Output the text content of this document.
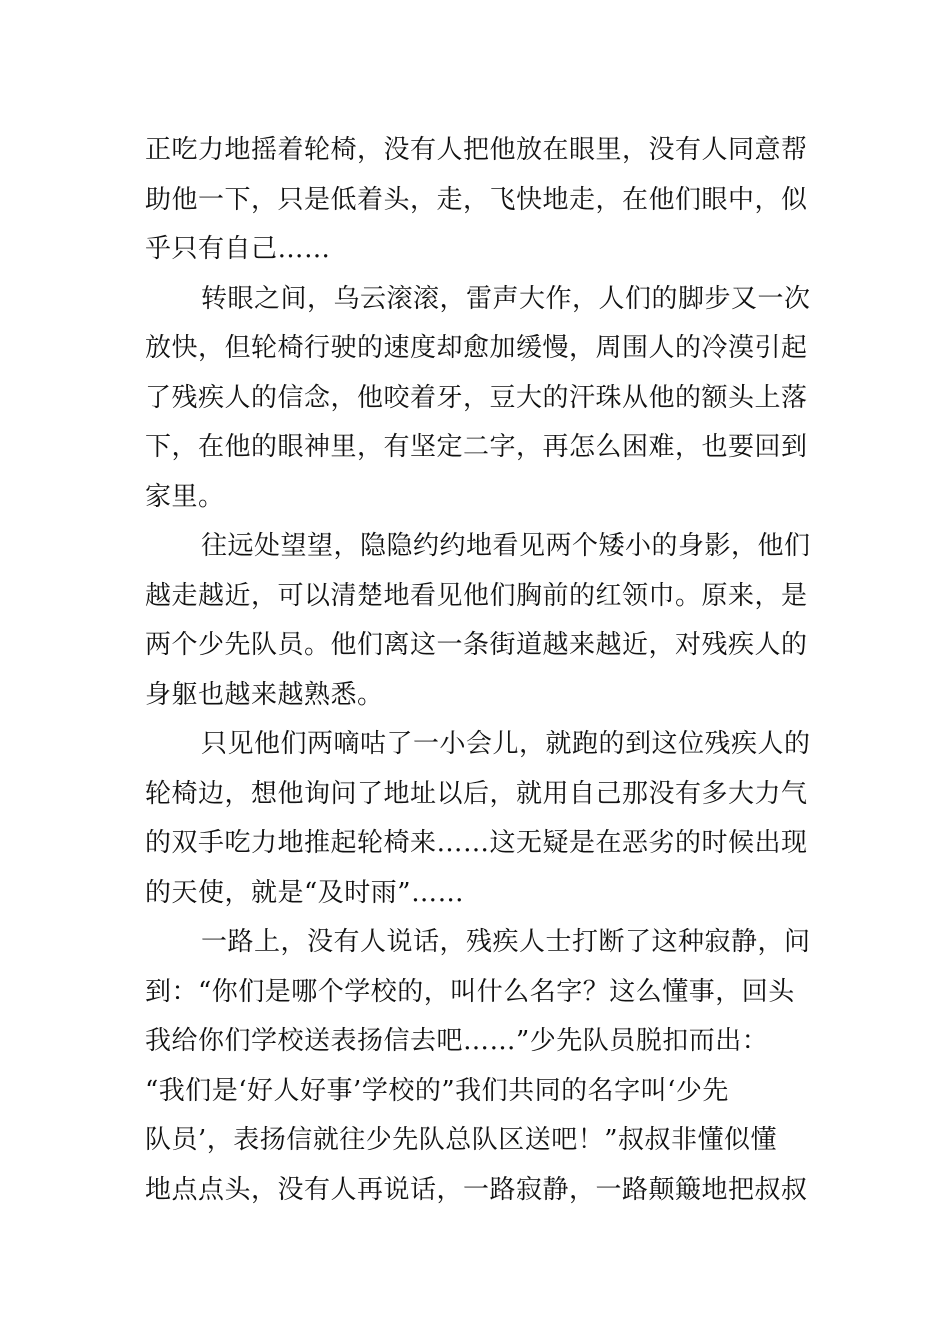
正吃力地摇着轮椅，没有人把他放在眼里，没有人同意帮
助他一下，只是低着头，走，飞快地走，在他们眼中，似
乎只有自己……
转眼之间，乌云滚滚，雷声大作，人们的脚步又一次
放快，但轮椅行驶的速度却愈加缓慢，周围人的冷漠引起
了残疾人的信念，他咬着牙，豆大的汗珠从他的额头上落
下，在他的眼神里，有坚定二字，再怎么困难，也要回到
家里。
往远处望望，隐隐约约地看见两个矮小的身影，他们
越走越近，可以清楚地看见他们胸前的红领巾。原来，是
两个少先队员。他们离这一条街道越来越近，对残疾人的
身躯也越来越熟悉。
只见他们两嘀咕了一小会儿，就跑的到这位残疾人的
轮椅边，想他询问了地址以后，就用自己那没有多大力气
的双手吃力地推起轮椅来……这无疑是在恶劣的时候出现
的天使，就是“及时雨”……
一路上，没有人说话，残疾人士打断了这种寂静，问
到：“你们是哪个学校的，叫什么名字？这么懂事，回头
我给你们学校送表扬信去吧……”少先队员脱扣而出：
“我们是‘好人好事’学校的”我们共同的名字叫‘少先
队员’，表扬信就往少先队总队区送吧！”叔叔非懂似懂
地点点头，没有人再说话，一路寂静，一路颠簸地把叔叔
